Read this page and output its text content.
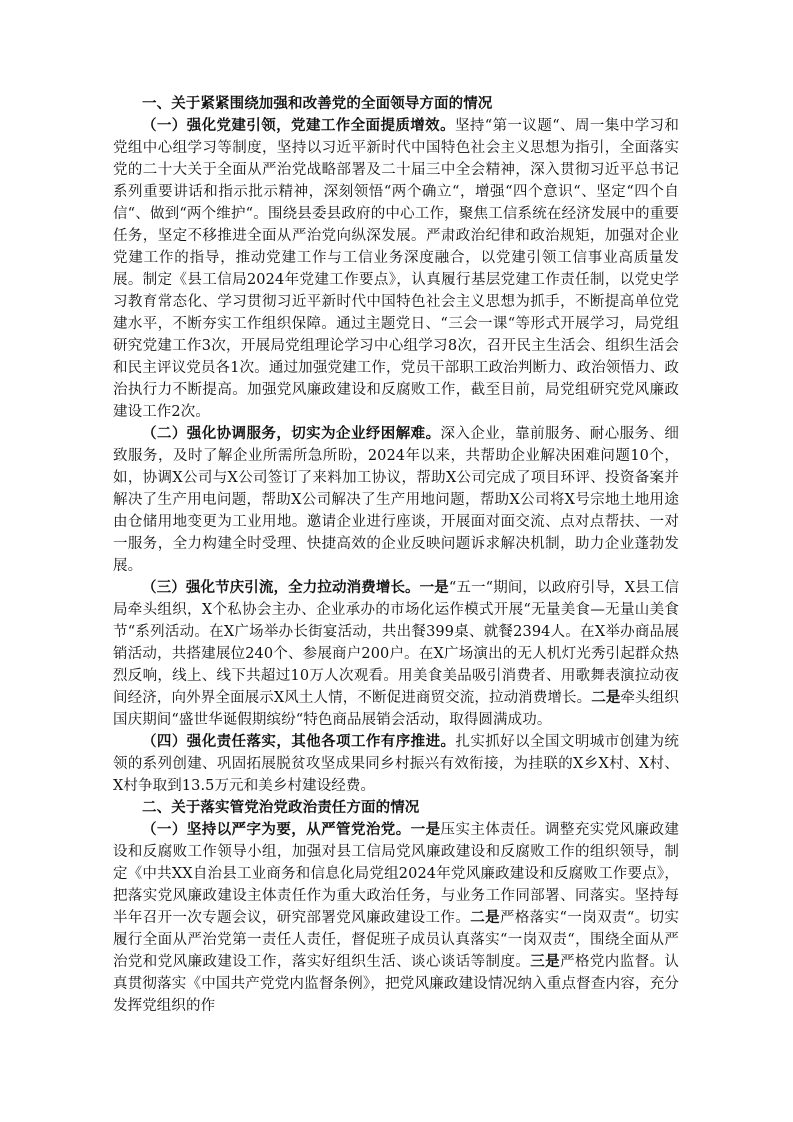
一、关于紧紧围绕加强和改善党的全面领导方面的情况

（一）强化党建引领，党建工作全面提质增效。坚持“第一议题“、周一集中学习和党组中心组学习等制度，坚持以习近平新时代中国特色社会主义思想为指引，全面落实党的二十大关于全面从严治党战略部署及二十届三中全会精神，深入贯彻习近平总书记系列重要讲话和指示批示精神，深刻领悟“两个确立“，增强“四个意识“、坚定“四个自信“、做到“两个维护“。围绕县委县政府的中心工作，聚焦工信系统在经济发展中的重要任务，坚定不移推进全面从严治党向纵深发展。严肃政治纪律和政治规矩，加强对企业党建工作的指导，推动党建工作与工信业务深度融合，以党建引领工信事业高质量发展。制定《县工信局2024年党建工作要点》，认真履行基层党建工作责任制，以党史学习教育常态化、学习贯彻习近平新时代中国特色社会主义思想为抓手，不断提高单位党建水平，不断夯实工作组织保障。通过主题党日、“三会一课“等形式开展学习，局党组研究党建工作3次，开展局党组理论学习中心组学习8次，召开民主生活会、组织生活会和民主评议党员各1次。通过加强党建工作，党员干部职工政治判断力、政治领悟力、政治执行力不断提高。加强党风廉政建设和反腐败工作，截至目前，局党组研究党风廉政建设工作2次。

（二）强化协调服务，切实为企业纾困解难。深入企业，靠前服务、耐心服务、细致服务，及时了解企业所需所急所盼，2024年以来，共帮助企业解决困难问题10个，如，协调X公司与X公司签订了来料加工协议，帮助X公司完成了项目环评、投资备案并解决了生产用电问题，帮助X公司解决了生产用地问题，帮助X公司将X号宗地土地用途由仓储用地变更为工业用地。邀请企业进行座谈，开展面对面交流、点对点帮扶、一对一服务，全力构建全时受理、快捷高效的企业反映问题诉求解决机制，助力企业蓬勃发展。

（三）强化节庆引流，全力拉动消费增长。一是“五一“期间，以政府引导，X县工信局牵头组织，X个私协会主办、企业承办的市场化运作模式开展“无量美食—无量山美食节“系列活动。在X广场举办长街宴活动，共出餐399桌、就餐2394人。在X举办商品展销活动，共搭建展位240个、参展商户200户。在X广场演出的无人机灯光秀引起群众热烈反响，线上、线下共超过10万人次观看。用美食美品吸引消费者、用歌舞表演拉动夜间经济，向外界全面展示X风土人情，不断促进商贸交流，拉动消费增长。二是牵头组织国庆期间“盛世华诞假期缤纷“特色商品展销会活动，取得圆满成功。

（四）强化责任落实，其他各项工作有序推进。扎实抓好以全国文明城市创建为统领的系列创建、巩固拓展脱贫攻坚成果同乡村振兴有效衔接，为挂联的X乡X村、X村、X村争取到13.5万元和美乡村建设经费。

二、关于落实管党治党政治责任方面的情况

（一）坚持以严字为要，从严管党治党。一是压实主体责任。调整充实党风廉政建设和反腐败工作领导小组，加强对县工信局党风廉政建设和反腐败工作的组织领导，制定《中共XX自治县工业商务和信息化局党组2024年党风廉政建设和反腐败工作要点》，把落实党风廉政建设主体责任作为重大政治任务，与业务工作同部署、同落实。坚持每半年召开一次专题会议，研究部署党风廉政建设工作。二是严格落实“一岗双责“。切实履行全面从严治党第一责任人责任，督促班子成员认真落实“一岗双责“，围绕全面从严治党和党风廉政建设工作，落实好组织生活、谈心谈话等制度。三是严格党内监督。认真贯彻落实《中国共产党党内监督条例》，把党风廉政建设情况纳入重点督查内容，充分发挥党组织的作
